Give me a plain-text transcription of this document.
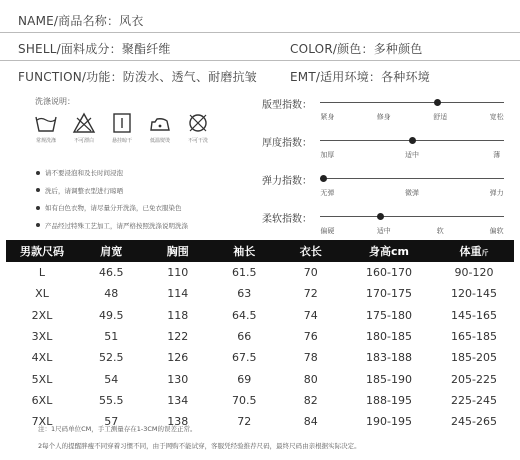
NAME/商品名称：风衣
SHELL/面料成分：聚酯纤维	COLOR/颜色：多种颜色
FUNCTION/功能：防泼水、透气、耐磨抗皱	EMT/适用环境：各种环境
洗涤说明：
常规洗涤	不可漂白	悬挂晾干	低温熨烫	不可干洗
请不要浸泡和及长时间浸泡
洗后，请调整衣型进行晾晒
如有白色衣物，请尽量分开洗涤，已免衣服染色
产品经过特殊工艺加工，请严格按照洗涤说明洗涤
版型指数：
紧身	修身	舒适	宽松
厚度指数：
加厚	适中	薄
弹力指数：
无弹	微弹	弹力
柔软指数：
偏硬	适中	软	偏软
男款尺码	肩宽	胸围	袖长	衣长	身高cm	体重斤
L	46.5	110	61.5	70	160-170	90-120
XL	48	114	63	72	170-175	120-145
2XL	49.5	118	64.5	74	175-180	145-165
3XL	51	122	66	76	180-185	165-185
4XL	52.5	126	67.5	78	183-188	185-205
5XL	54	130	69	80	185-190	205-225
6XL	55.5	134	70.5	82	188-195	225-245
7XL	57	138	72	84	190-195	245-265
注：1尺码单位CM，手工测量存在1-3CM的误差正常。
2每个人的提醒胖瘦不同穿着习惯不同，由于网购不能试穿，客服凭经验推荐尺码，最终尺码由亲根据实际决定。
